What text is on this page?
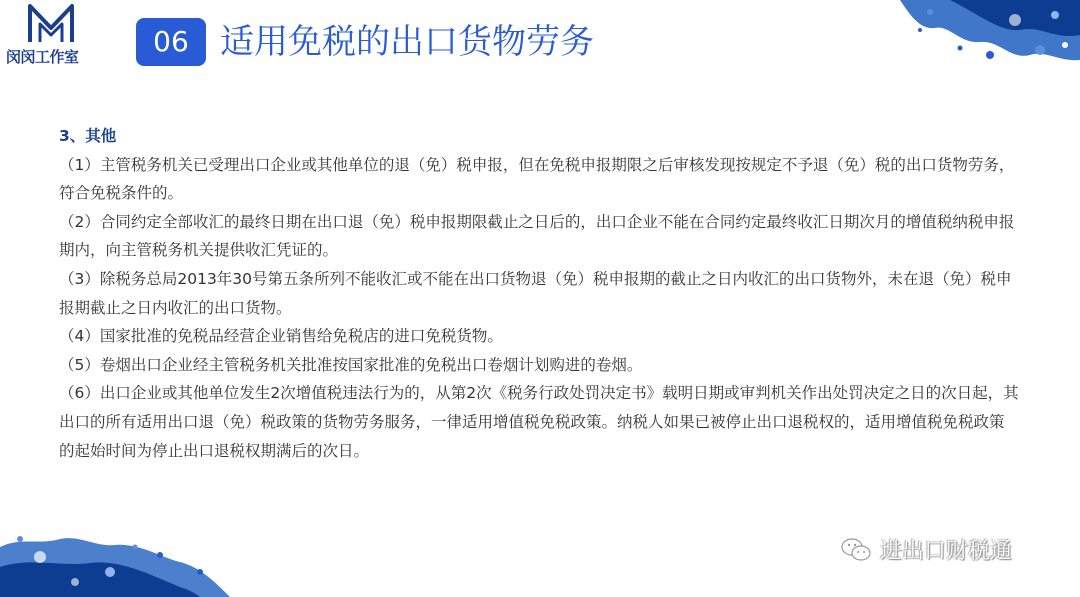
闵闵工作室	06 适用免税的出口货物劳务
3、其他

（1）主管税务机关已受理出口企业或其他单位的退（免）税申报，但在免税申报期限之后审核发现按规定不予退（免）税的出口货物劳务，符合免税条件的。

（2）合同约定全部收汇的最终日期在出口退（免）税申报期限截止之日后的，出口企业不能在合同约定最终收汇日期次月的增值税纳税申报期内，向主管税务机关提供收汇凭证的。

（3）除税务总局2013年30号第五条所列不能收汇或不能在出口货物退（免）税申报期的截止之日内收汇的出口货物外，未在退（免）税申报期截止之日内收汇的出口货物。

（4）国家批准的免税品经营企业销售给免税店的进口免税货物。

（5）卷烟出口企业经主管税务机关批准按国家批准的免税出口卷烟计划购进的卷烟。

（6）出口企业或其他单位发生2次增值税违法行为的，从第2次《税务行政处罚决定书》载明日期或审判机关作出处罚决定之日的次日起，其出口的所有适用出口退（免）税政策的货物劳务服务，一律适用增值税免税政策。纳税人如果已被停止出口退税权的，适用增值税免税政策的起始时间为停止出口退税权期满后的次日。

进出口财税通
